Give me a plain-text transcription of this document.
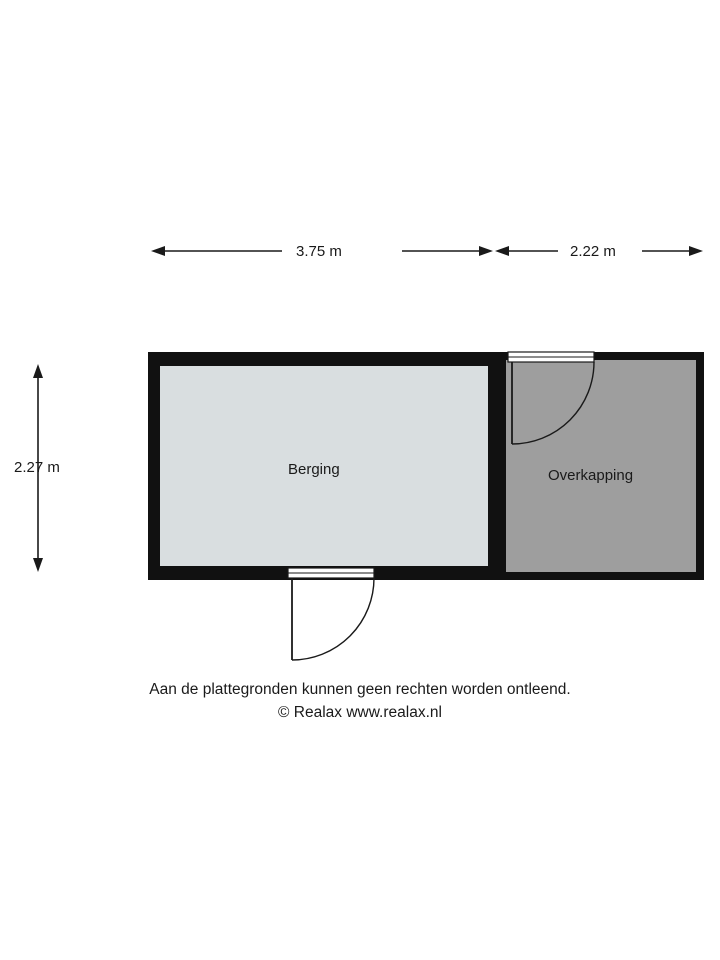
3.75 m	2.22 m
2.27 m	Berging	Overkapping
Aan de plattegronden kunnen geen rechten worden ontleend.
© Realax www.realax.nl
